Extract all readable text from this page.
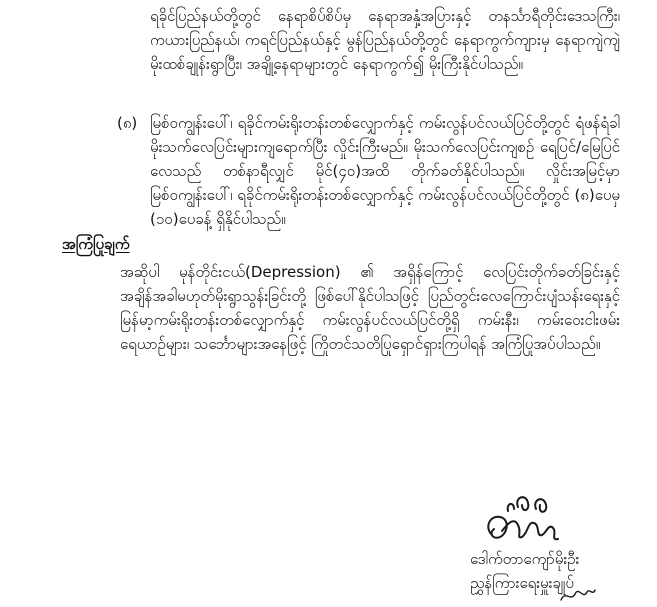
ရခိုင်ပြည်နယ်တို့တွင် နေရာစိပ်စိပ်မှ နေရာအနှံ့အပြားနှင့် တနင်္သာရီတိုင်းဒေသကြီး၊ ကယားပြည်နယ်၊ ကရင်ပြည်နယ်နှင့် မွန်ပြည်နယ်တို့တွင် နေရာကွက်ကျားမှ နေရာကျဲကျဲ မိုးထစ်ချုန်းရွာပြီး၊ အချို့နေရာများတွင် နေရာကွက်၍ မိုးကြီးနိုင်ပါသည်။
(၈) မြစ်ဝကျွန်းပေါ်၊ ရခိုင်ကမ်းရိုးတန်းတစ်လျှောက်နှင့် ကမ်းလွန်ပင်လယ်ပြင်တို့တွင် ရံဖန်ရံခါ မိုးသက်လေပြင်းများကျရောက်ပြီး လှိုင်းကြီးမည်။ မိုးသက်လေပြင်းကျစဉ် ရေပြင်/မြေပြင်လေသည် တစ်နာရီလျှင် မိုင်(၄၀)အထိ တိုက်ခတ်နိုင်ပါသည်။ လှိုင်းအမြင့်မှာ မြစ်ဝကျွန်းပေါ်၊ ရခိုင်ကမ်းရိုးတန်းတစ်လျှောက်နှင့် ကမ်းလွန်ပင်လယ်ပြင်တို့တွင် (၈)ပေမှ (၁၀)ပေခန့် ရှိနိုင်ပါသည်။
အကြံပြုချက်
အဆိုပါ မုန်တိုင်းငယ်(Depression) ၏ အရှိန်ကြောင့် လေပြင်းတိုက်ခတ်ခြင်းနှင့် အချိန်အခါမဟုတ်မိုးရွာသွန်းခြင်းတို့ ဖြစ်ပေါ်နိုင်ပါသဖြင့် ပြည်တွင်းလေကြောင်းပျံသန်းရေးနှင့် မြန်မာ့ကမ်းရိုးတန်းတစ်လျှောက်နှင့် ကမ်းလွန်ပင်လယ်ပြင်တို့ရှိ ကမ်းနီး၊ ကမ်းဝေးငါးဖမ်းရေယာဉ်များ၊ သင်္ဘောများအနေဖြင့် ကြိုတင်သတိပြုရှောင်ရှားကြပါရန် အကြံပြုအပ်ပါသည်။
ဒေါက်တာကျော်မိုးဦး
ညွှန်ကြားရေးမှူးချုပ်
